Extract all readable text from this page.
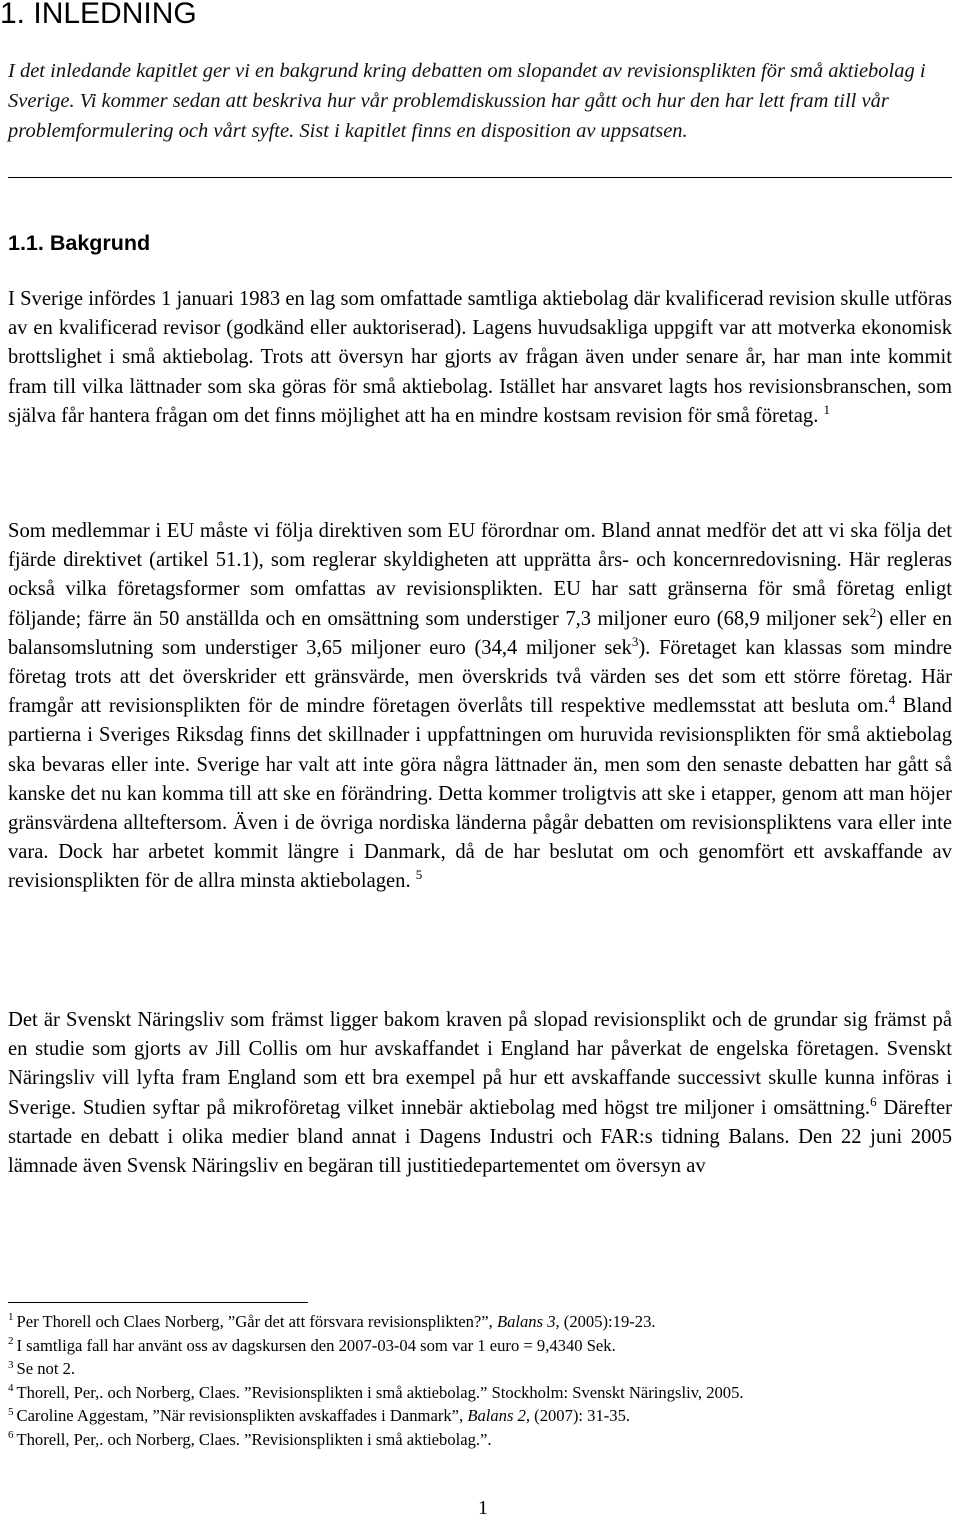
1. INLEDNING

I det inledande kapitlet ger vi en bakgrund kring debatten om slopandet av revisionsplikten för små aktiebolag i Sverige. Vi kommer sedan att beskriva hur vår problemdiskussion har gått och hur den har lett fram till vår problemformulering och vårt syfte. Sist i kapitlet finns en disposition av uppsatsen.

1.1. Bakgrund

I Sverige infördes 1 januari 1983 en lag som omfattade samtliga aktiebolag där kvalificerad revision skulle utföras av en kvalificerad revisor (godkänd eller auktoriserad). Lagens huvudsakliga uppgift var att motverka ekonomisk brottslighet i små aktiebolag. Trots att översyn har gjorts av frågan även under senare år, har man inte kommit fram till vilka lättnader som ska göras för små aktiebolag. Istället har ansvaret lagts hos revisionsbranschen, som själva får hantera frågan om det finns möjlighet att ha en mindre kostsam revision för små företag. $^1$

Som medlemmar i EU måste vi följa direktiven som EU förordnar om. Bland annat medför det att vi ska följa det fjärde direktivet (artikel 51.1), som reglerar skyldigheten att upprätta års- och koncernredovisning. Här regleras också vilka företagsformer som omfattas av revisionsplikten. EU har satt gränserna för små företag enligt följande; färre än 50 anställda och en omsättning som understiger 7,3 miljoner euro (68,9 miljoner sek$^2$) eller en balansomslutning som understiger 3,65 miljoner euro (34,4 miljoner sek$^3$). Företaget kan klassas som mindre företag trots att det överskrider ett gränsvärde, men överskrids två värden ses det som ett större företag. Här framgår att revisionsplikten för de mindre företagen överlåts till respektive medlemsstat att besluta om.$^4$ Bland partierna i Sveriges Riksdag finns det skillnader i uppfattningen om huruvida revisionsplikten för små aktiebolag ska bevaras eller inte. Sverige har valt att inte göra några lättnader än, men som den senaste debatten har gått så kanske det nu kan komma till att ske en förändring. Detta kommer troligtvis att ske i etapper, genom att man höjer gränsvärdena allteftersom. Även i de övriga nordiska länderna pågår debatten om revisionspliktens vara eller inte vara. Dock har arbetet kommit längre i Danmark, då de har beslutat om och genomfört ett avskaffande av revisionsplikten för de allra minsta aktiebolagen. $^5$

Det är Svenskt Näringsliv som främst ligger bakom kraven på slopad revisionsplikt och de grundar sig främst på en studie som gjorts av Jill Collis om hur avskaffandet i England har påverkat de engelska företagen. Svenskt Näringsliv vill lyfta fram England som ett bra exempel på hur ett avskaffande successivt skulle kunna införas i Sverige. Studien syftar på mikroföretag vilket innebär aktiebolag med högst tre miljoner i omsättning.$^6$ Därefter startade en debatt i olika medier bland annat i Dagens Industri och FAR:s tidning Balans. Den 22 juni 2005 lämnade även Svensk Näringsliv en begäran till justitiedepartementet om översyn av

$^1$ Per Thorell och Claes Norberg, ”Går det att försvara revisionsplikten?”, Balans 3, (2005):19-23.
$^2$ I samtliga fall har använt oss av dagskursen den 2007-03-04 som var 1 euro = 9,4340 Sek.
$^3$ Se not 2.
$^4$ Thorell, Per,. och Norberg, Claes. ”Revisionsplikten i små aktiebolag.” Stockholm: Svenskt Näringsliv, 2005.
$^5$ Caroline Aggestam, ”När revisionsplikten avskaffades i Danmark”, Balans 2, (2007): 31-35.
$^6$ Thorell, Per,. och Norberg, Claes. ”Revisionsplikten i små aktiebolag.”.
1
